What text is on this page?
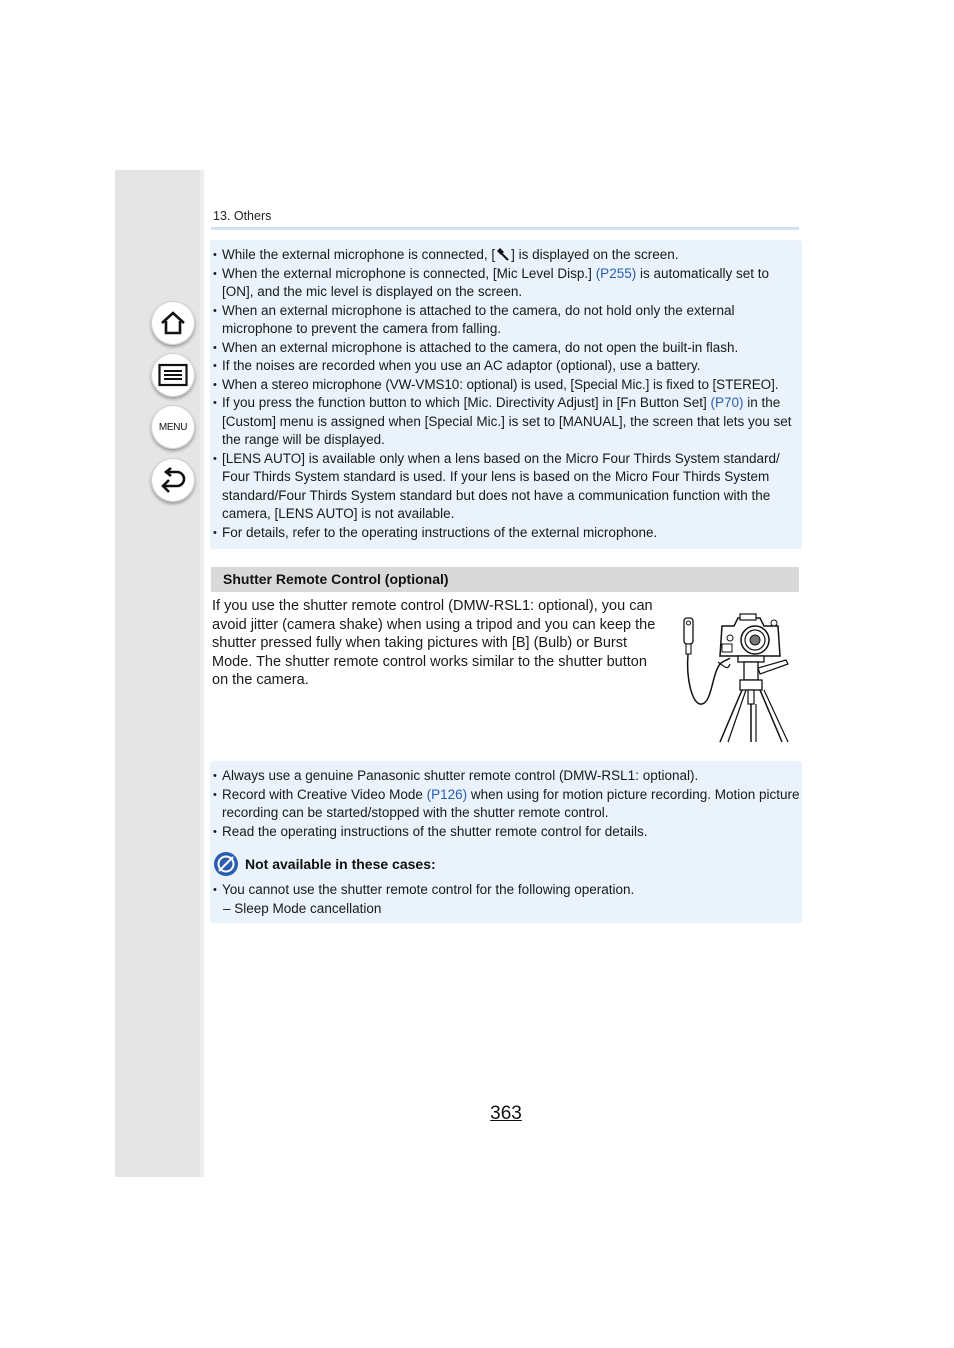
MENU
13. Others
• While the external microphone is connected, [ ] is displayed on the screen.
• When the external microphone is connected, [Mic Level Disp.] (P255) is automatically set to [ON], and the mic level is displayed on the screen.
• When an external microphone is attached to the camera, do not hold only the external microphone to prevent the camera from falling.
• When an external microphone is attached to the camera, do not open the built-in flash.
• If the noises are recorded when you use an AC adaptor (optional), use a battery.
• When a stereo microphone (VW-VMS10: optional) is used, [Special Mic.] is fixed to [STEREO].
• If you press the function button to which [Mic. Directivity Adjust] in [Fn Button Set] (P70) in the [Custom] menu is assigned when [Special Mic.] is set to [MANUAL], the screen that lets you set the range will be displayed.
• [LENS AUTO] is available only when a lens based on the Micro Four Thirds System standard/ Four Thirds System standard is used. If your lens is based on the Micro Four Thirds System standard/Four Thirds System standard but does not have a communication function with the camera, [LENS AUTO] is not available.
• For details, refer to the operating instructions of the external microphone.
Shutter Remote Control (optional)
If you use the shutter remote control (DMW-RSL1: optional), you can avoid jitter (camera shake) when using a tripod and you can keep the shutter pressed fully when taking pictures with [B] (Bulb) or Burst Mode. The shutter remote control works similar to the shutter button on the camera.
• Always use a genuine Panasonic shutter remote control (DMW-RSL1: optional).
• Record with Creative Video Mode (P126) when using for motion picture recording. Motion picture recording can be started/stopped with the shutter remote control.
• Read the operating instructions of the shutter remote control for details.
Not available in these cases:
• You cannot use the shutter remote control for the following operation.
– Sleep Mode cancellation
363
